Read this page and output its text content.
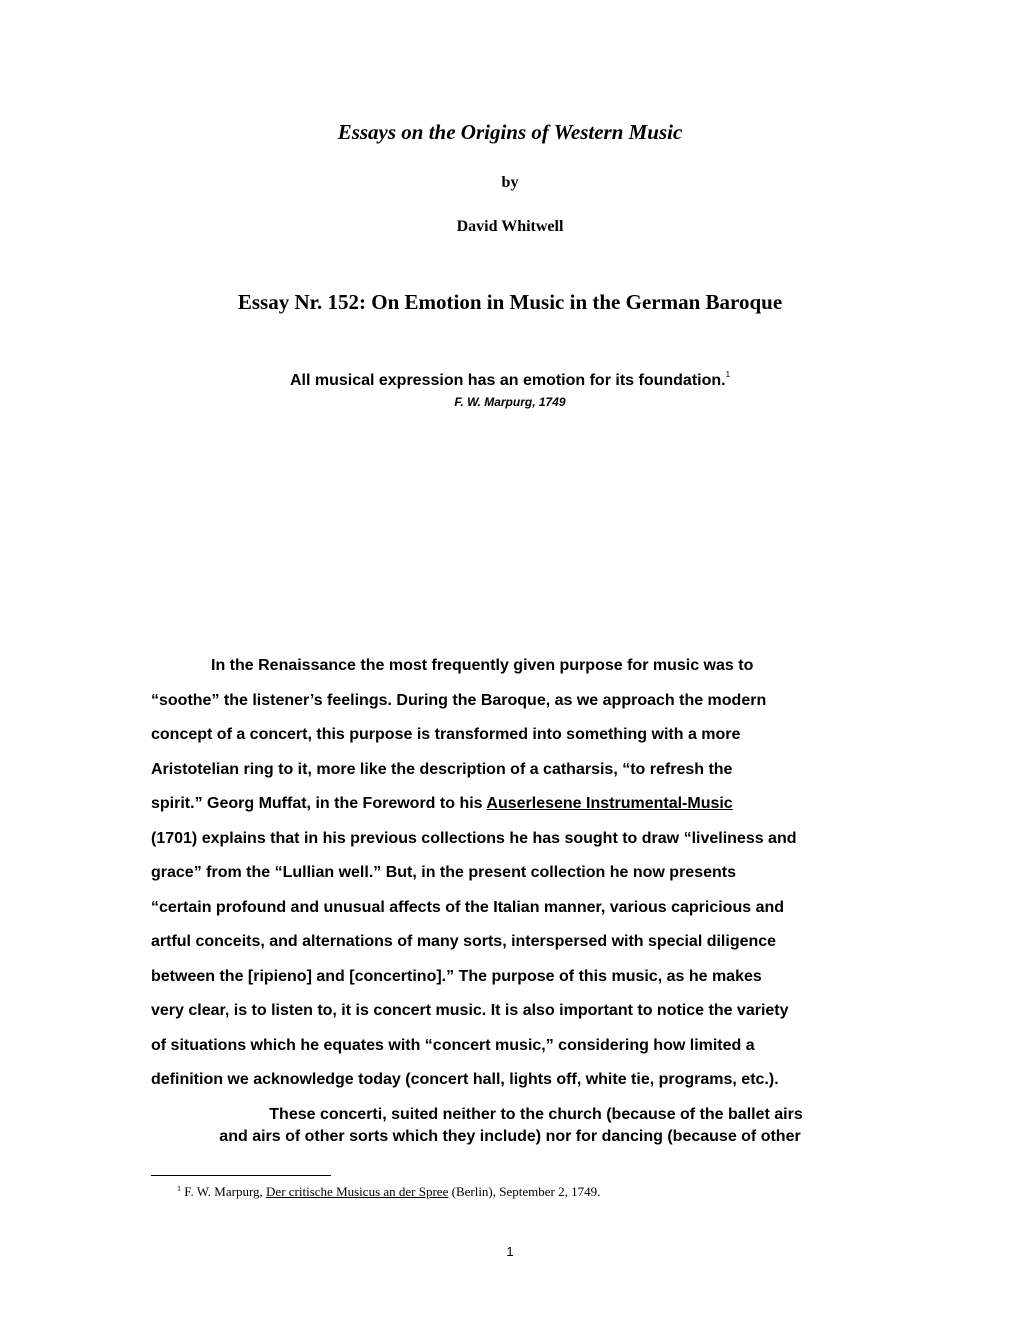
Essays on the Origins of Western Music
by
David Whitwell
Essay Nr. 152: On Emotion in Music in the German Baroque
All musical expression has an emotion for its foundation.$^1$
F. W. Marpurg, 1749
In the Renaissance the most frequently given purpose for music was to
“soothe” the listener’s feelings. During the Baroque, as we approach the modern
concept of a concert, this purpose is transformed into something with a more
Aristotelian ring to it, more like the description of a catharsis, “to refresh the
spirit.” Georg Muffat, in the Foreword to his Auserlesene Instrumental-Music
(1701) explains that in his previous collections he has sought to draw “liveliness and
grace” from the “Lullian well.” But, in the present collection he now presents
“certain profound and unusual affects of the Italian manner, various capricious and
artful conceits, and alternations of many sorts, interspersed with special diligence
between the [ripieno] and [concertino].” The purpose of this music, as he makes
very clear, is to listen to, it is concert music. It is also important to notice the variety
of situations which he equates with “concert music,” considering how limited a
definition we acknowledge today (concert hall, lights off, white tie, programs, etc.).
These concerti, suited neither to the church (because of the ballet airs
and airs of other sorts which they include) nor for dancing (because of other
$^1$ F. W. Marpurg, Der critische Musicus an der Spree (Berlin), September 2, 1749.
1
